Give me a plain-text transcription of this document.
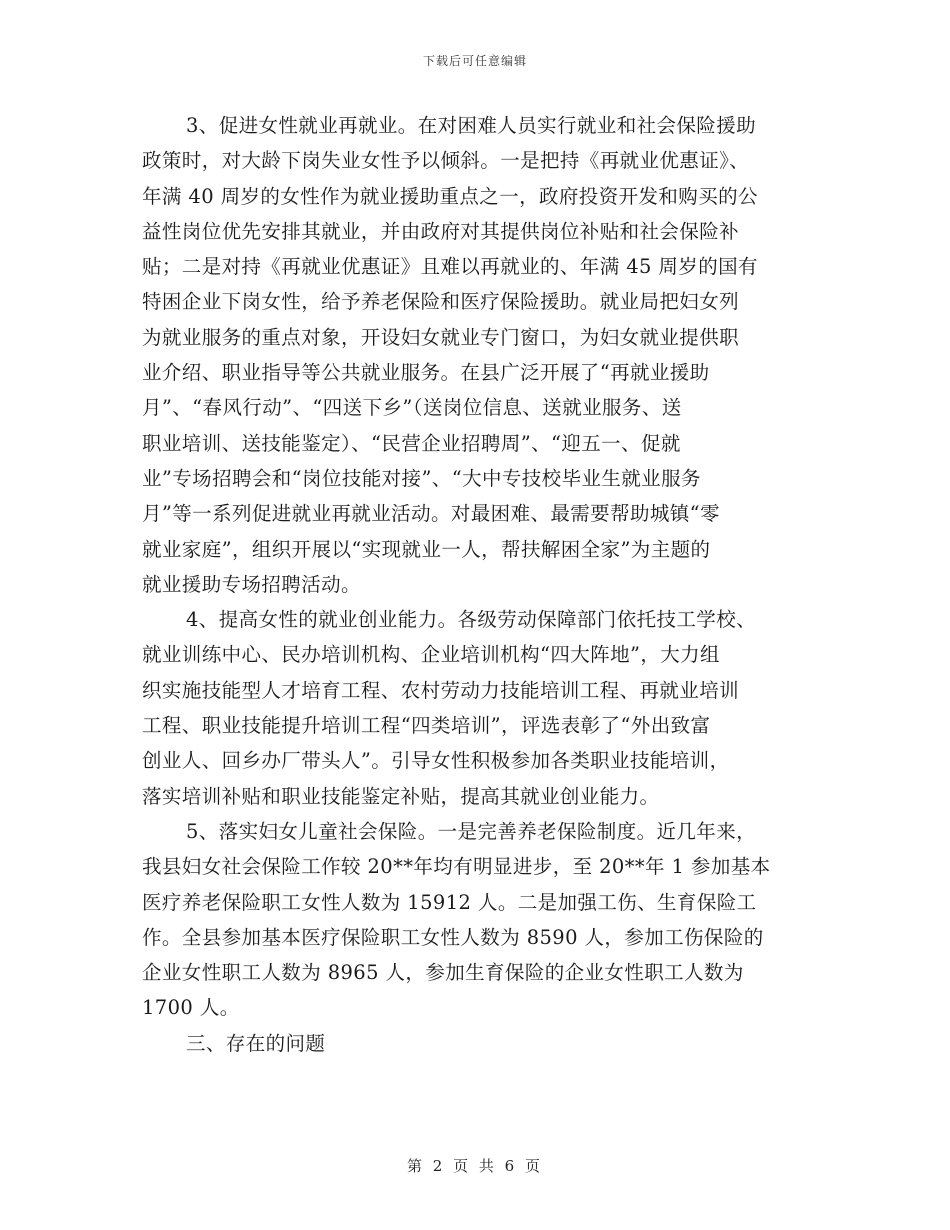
下载后可任意编辑
3、促进女性就业再就业。在对困难人员实行就业和社会保险援助
政策时，对大龄下岗失业女性予以倾斜。一是把持《再就业优惠证》、
年满 40 周岁的女性作为就业援助重点之一，政府投资开发和购买的公
益性岗位优先安排其就业，并由政府对其提供岗位补贴和社会保险补
贴；二是对持《再就业优惠证》且难以再就业的、年满 45 周岁的国有
特困企业下岗女性，给予养老保险和医疗保险援助。就业局把妇女列
为就业服务的重点对象，开设妇女就业专门窗口，为妇女就业提供职
业介绍、职业指导等公共就业服务。在县广泛开展了“再就业援助
月”、“春风行动”、“四送下乡”（送岗位信息、送就业服务、送
职业培训、送技能鉴定）、“民营企业招聘周”、“迎五一、促就
业”专场招聘会和“岗位技能对接”、“大中专技校毕业生就业服务
月”等一系列促进就业再就业活动。对最困难、最需要帮助城镇“零
就业家庭”，组织开展以“实现就业一人，帮扶解困全家”为主题的
就业援助专场招聘活动。
4、提高女性的就业创业能力。各级劳动保障部门依托技工学校、
就业训练中心、民办培训机构、企业培训机构“四大阵地”，大力组
织实施技能型人才培育工程、农村劳动力技能培训工程、再就业培训
工程、职业技能提升培训工程“四类培训”，评选表彰了“外出致富
创业人、回乡办厂带头人”。引导女性积极参加各类职业技能培训，
落实培训补贴和职业技能鉴定补贴，提高其就业创业能力。
5、落实妇女儿童社会保险。一是完善养老保险制度。近几年来，
我县妇女社会保险工作较 20**年均有明显进步，至 20**年 1 参加基本
医疗养老保险职工女性人数为 15912 人。二是加强工伤、生育保险工
作。全县参加基本医疗保险职工女性人数为 8590 人，参加工伤保险的
企业女性职工人数为 8965 人，参加生育保险的企业女性职工人数为
1700 人。
三、存在的问题
第 2 页 共 6 页
